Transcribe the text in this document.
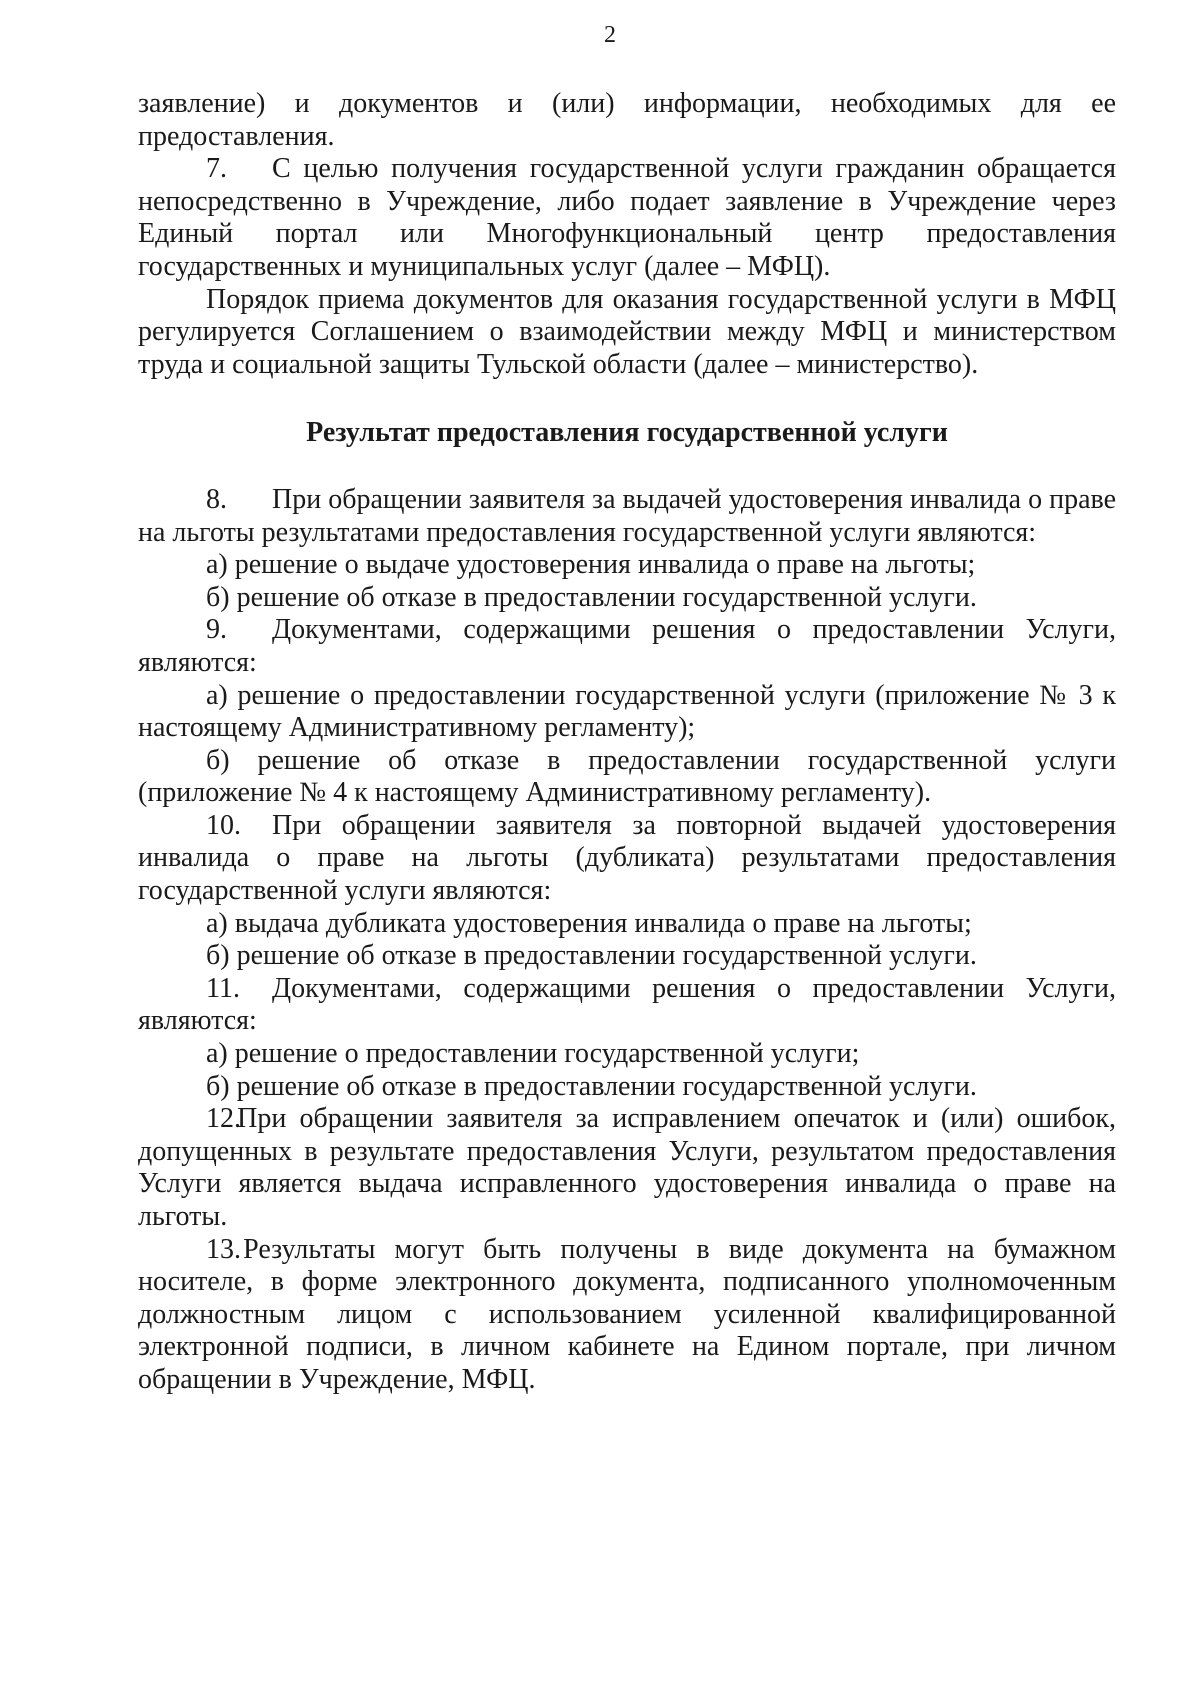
2

заявление) и документов и (или) информации, необходимых для ее предоставления.

7. С целью получения государственной услуги гражданин обращается непосредственно в Учреждение, либо подает заявление в Учреждение через Единый портал или Многофункциональный центр предоставления государственных и муниципальных услуг (далее – МФЦ).

Порядок приема документов для оказания государственной услуги в МФЦ регулируется Соглашением о взаимодействии между МФЦ и министерством труда и социальной защиты Тульской области (далее – министерство).

Результат предоставления государственной услуги

8. При обращении заявителя за выдачей удостоверения инвалида о праве на льготы результатами предоставления государственной услуги являются:

а) решение о выдаче удостоверения инвалида о праве на льготы;

б) решение об отказе в предоставлении государственной услуги.

9. Документами, содержащими решения о предоставлении Услуги, являются:

а) решение о предоставлении государственной услуги (приложение № 3 к настоящему Административному регламенту);

б) решение об отказе в предоставлении государственной услуги (приложение № 4 к настоящему Административному регламенту).

10. При обращении заявителя за повторной выдачей удостоверения инвалида о праве на льготы (дубликата) результатами предоставления государственной услуги являются:

а) выдача дубликата удостоверения инвалида о праве на льготы;

б) решение об отказе в предоставлении государственной услуги.

11. Документами, содержащими решения о предоставлении Услуги, являются:

а) решение о предоставлении государственной услуги;

б) решение об отказе в предоставлении государственной услуги.

12. При обращении заявителя за исправлением опечаток и (или) ошибок, допущенных в результате предоставления Услуги, результатом предоставления Услуги является выдача исправленного удостоверения инвалида о праве на льготы.

13. Результаты могут быть получены в виде документа на бумажном носителе, в форме электронного документа, подписанного уполномоченным должностным лицом с использованием усиленной квалифицированной электронной подписи, в личном кабинете на Едином портале, при личном обращении в Учреждение, МФЦ.
